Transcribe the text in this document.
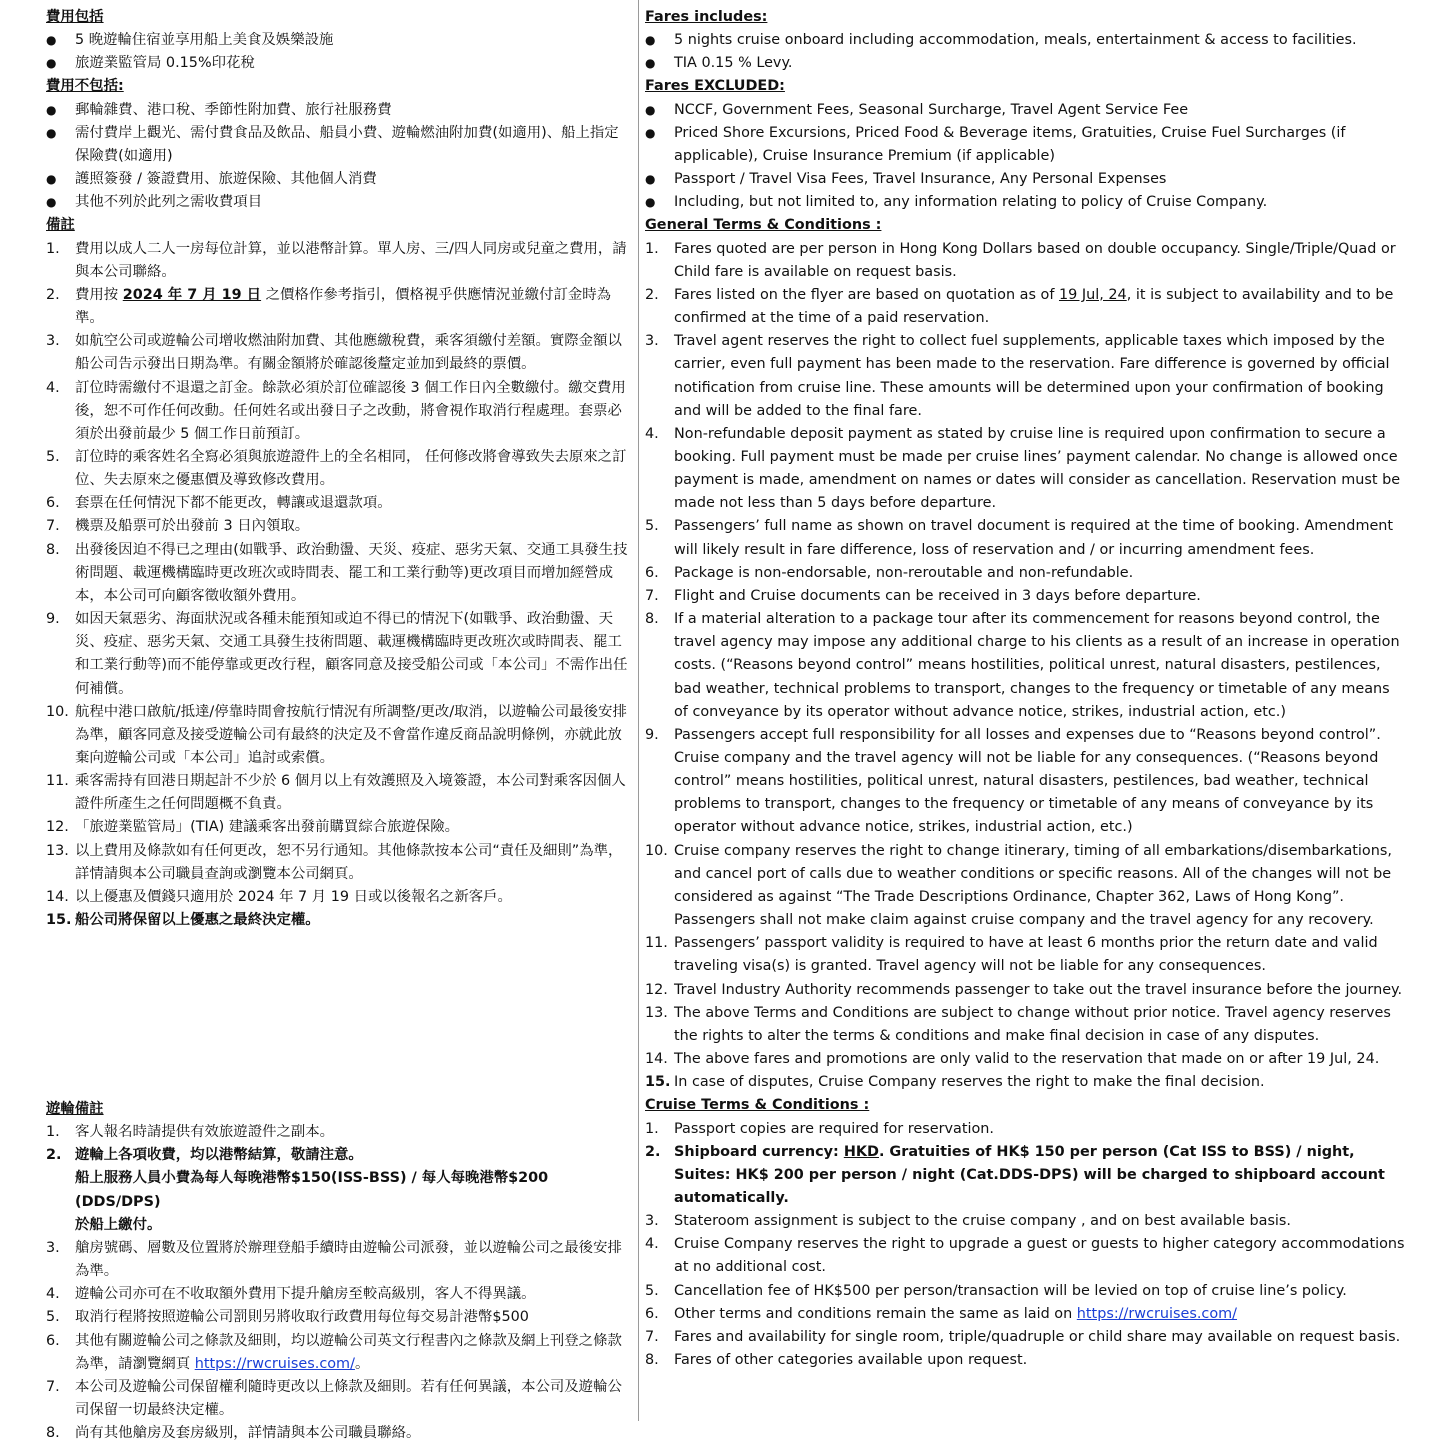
費用包括
●	5 晚遊輪住宿並享用船上美食及娛樂設施
●	旅遊業監管局 0.15%印花稅
費用不包括:
●	郵輪雜費、港口稅、季節性附加費、旅行社服務費
●	需付費岸上觀光、需付費食品及飲品、船員小費、遊輪燃油附加費(如適用)、船上指定保險費(如適用)
●	護照簽發 / 簽證費用、旅遊保險、其他個人消費
●	其他不列於此列之需收費項目
備註
1.	費用以成人二人一房每位計算，並以港幣計算。單人房、三/四人同房或兒童之費用，請與本公司聯絡。
2.	費用按 2024 年 7 月 19 日 之價格作參考指引，價格視乎供應情況並繳付訂金時為準。
3.	如航空公司或遊輪公司增收燃油附加費、其他應繳稅費，乘客須繳付差額。實際金額以船公司告示發出日期為準。有關金額將於確認後釐定並加到最終的票價。
4.	訂位時需繳付不退還之訂金。餘款必須於訂位確認後 3 個工作日內全數繳付。繳交費用後，恕不可作任何改動。任何姓名或出發日子之改動，將會視作取消行程處理。套票必須於出發前最少 5 個工作日前預訂。
5.	訂位時的乘客姓名全寫必須與旅遊證件上的全名相同， 任何修改將會導致失去原來之訂位、失去原來之優惠價及導致修改費用。
6.	套票在任何情況下都不能更改，轉讓或退還款項。
7.	機票及船票可於出發前 3 日內領取。
8.	出發後因迫不得已之理由(如戰爭、政治動盪、天災、疫症、惡劣天氣、交通工具發生技術問題、載運機構臨時更改班次或時間表、罷工和工業行動等)更改項目而增加經營成本，本公司可向顧客徵收額外費用。
9.	如因天氣惡劣、海面狀況或各種未能預知或迫不得已的情況下(如戰爭、政治動盪、天災、疫症、惡劣天氣、交通工具發生技術問題、載運機構臨時更改班次或時間表、罷工和工業行動等)而不能停靠或更改行程，顧客同意及接受船公司或「本公司」不需作出任何補償。
10. 航程中港口啟航/抵達/停靠時間會按航行情況有所調整/更改/取消，以遊輪公司最後安排為準，顧客同意及接受遊輪公司有最終的決定及不會當作違反商品說明條例，亦就此放棄向遊輪公司或「本公司」追討或索償。
11. 乘客需持有回港日期起計不少於 6 個月以上有效護照及入境簽證，本公司對乘客因個人證件所產生之任何問題概不負責。
12. 「旅遊業監管局」(TIA) 建議乘客出發前購買綜合旅遊保險。
13. 以上費用及條款如有任何更改，恕不另行通知。其他條款按本公司“責任及細則”為準，詳情請與本公司職員查詢或瀏覽本公司網頁。
14. 以上優惠及價錢只適用於 2024 年 7 月 19 日或以後報名之新客戶。
15. 船公司將保留以上優惠之最終決定權。
遊輪備註
1.	客人報名時請提供有效旅遊證件之副本。
2. 遊輪上各項收費，均以港幣結算，敬請注意。
船上服務人員小費為每人每晚港幣$150(ISS-BSS) / 每人每晚港幣$200 (DDS/DPS)
於船上繳付。
3.	艙房號碼、層數及位置將於辦理登船手續時由遊輪公司派發，並以遊輪公司之最後安排為準。
4.	遊輪公司亦可在不收取額外費用下提升艙房至較高級別，客人不得異議。
5.	取消行程將按照遊輪公司罰則另將收取行政費用每位每交易計港幣$500
6.	其他有關遊輪公司之條款及細則，均以遊輪公司英文行程書內之條款及網上刊登之條款為準，請瀏覽網頁 https://rwcruises.com/。
7.	本公司及遊輪公司保留權利隨時更改以上條款及細則。若有任何異議，本公司及遊輪公司保留一切最終決定權。
8.	尚有其他艙房及套房級別，詳情請與本公司職員聯絡。
Fares includes:
●	5 nights cruise onboard including accommodation, meals, entertainment & access to facilities.
●	TIA 0.15 % Levy.
Fares EXCLUDED:
●	NCCF, Government Fees, Seasonal Surcharge, Travel Agent Service Fee
●	Priced Shore Excursions, Priced Food & Beverage items, Gratuities, Cruise Fuel Surcharges (if applicable), Cruise Insurance Premium (if applicable)
●	Passport / Travel Visa Fees, Travel Insurance, Any Personal Expenses
●	Including, but not limited to, any information relating to policy of Cruise Company.
General Terms & Conditions :
1.	Fares quoted are per person in Hong Kong Dollars based on double occupancy. Single/Triple/Quad or Child fare is available on request basis.
2.	Fares listed on the flyer are based on quotation as of 19 Jul, 24, it is subject to availability and to be confirmed at the time of a paid reservation.
3.	Travel agent reserves the right to collect fuel supplements, applicable taxes which imposed by the carrier, even full payment has been made to the reservation. Fare difference is governed by official notification from cruise line. These amounts will be determined upon your confirmation of booking and will be added to the final fare.
4.	Non-refundable deposit payment as stated by cruise line is required upon confirmation to secure a booking. Full payment must be made per cruise lines’ payment calendar. No change is allowed once payment is made, amendment on names or dates will consider as cancellation. Reservation must be made not less than 5 days before departure.
5.	Passengers’ full name as shown on travel document is required at the time of booking. Amendment will likely result in fare difference, loss of reservation and / or incurring amendment fees.
6.	Package is non-endorsable, non-reroutable and non-refundable.
7.	Flight and Cruise documents can be received in 3 days before departure.
8.	If a material alteration to a package tour after its commencement for reasons beyond control, the travel agency may impose any additional charge to his clients as a result of an increase in operation costs. (“Reasons beyond control” means hostilities, political unrest, natural disasters, pestilences, bad weather, technical problems to transport, changes to the frequency or timetable of any means of conveyance by its operator without advance notice, strikes, industrial action, etc.)
9.	Passengers accept full responsibility for all losses and expenses due to “Reasons beyond control”. Cruise company and the travel agency will not be liable for any consequences. (“Reasons beyond control” means hostilities, political unrest, natural disasters, pestilences, bad weather, technical problems to transport, changes to the frequency or timetable of any means of conveyance by its operator without advance notice, strikes, industrial action, etc.)
10. Cruise company reserves the right to change itinerary, timing of all embarkations/disembarkations, and cancel port of calls due to weather conditions or specific reasons. All of the changes will not be considered as against “The Trade Descriptions Ordinance, Chapter 362, Laws of Hong Kong”. Passengers shall not make claim against cruise company and the travel agency for any recovery.
11. Passengers’ passport validity is required to have at least 6 months prior the return date and valid traveling visa(s) is granted. Travel agency will not be liable for any consequences.
12. Travel Industry Authority recommends passenger to take out the travel insurance before the journey.
13. The above Terms and Conditions are subject to change without prior notice. Travel agency reserves the rights to alter the terms & conditions and make final decision in case of any disputes.
14. The above fares and promotions are only valid to the reservation that made on or after 19 Jul, 24.
15. In case of disputes, Cruise Company reserves the right to make the final decision.
Cruise Terms & Conditions :
1.	Passport copies are required for reservation.
2. Shipboard currency: HKD. Gratuities of HK$ 150 per person (Cat ISS to BSS) / night,
Suites: HK$ 200 per person / night (Cat.DDS-DPS) will be charged to shipboard account automatically.
3.	Stateroom assignment is subject to the cruise company , and on best available basis.
4.	Cruise Company reserves the right to upgrade a guest or guests to higher category accommodations at no additional cost.
5.	Cancellation fee of HK$500 per person/transaction will be levied on top of cruise line’s policy.
6.	Other terms and conditions remain the same as laid on https://rwcruises.com/
7.	Fares and availability for single room, triple/quadruple or child share may available on request basis.
8.	Fares of other categories available upon request.
